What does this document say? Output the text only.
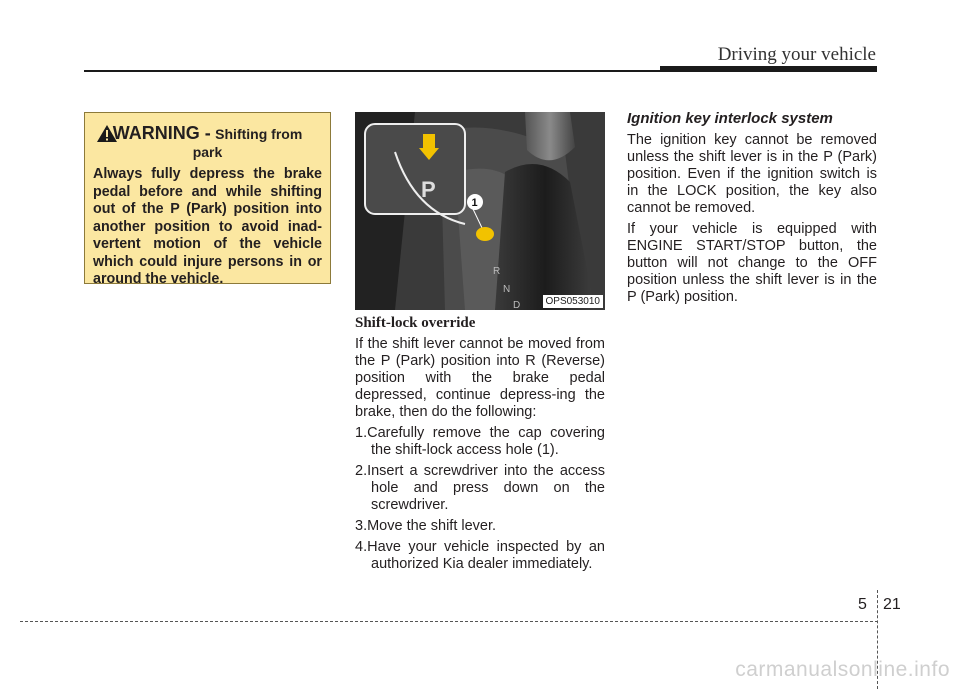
Driving your vehicle
WARNING - Shifting from
park
Always fully depress the brake pedal before and while shifting out of the P (Park) position into another position to avoid inad-vertent motion of the vehicle which could injure persons in or around the vehicle.
P
1
R
N
D	OPS053010
Shift-lock override

If the shift lever cannot be moved from the P (Park) position into R (Reverse) position with the brake pedal depressed, continue depress-ing the brake, then do the following:

1.Carefully remove the cap covering the shift-lock access hole (1).
2.Insert a screwdriver into the access hole and press down on the screwdriver.
3.Move the shift lever.
4.Have your vehicle inspected by an authorized Kia dealer immediately.
Ignition key interlock system

The ignition key cannot be removed unless the shift lever is in the P (Park) position. Even if the ignition switch is in the LOCK position, the key also cannot be removed.

If your vehicle is equipped with ENGINE START/STOP button, the button will not change to the OFF position unless the shift lever is in the P (Park) position.

5 21
carmanualsonline.info
